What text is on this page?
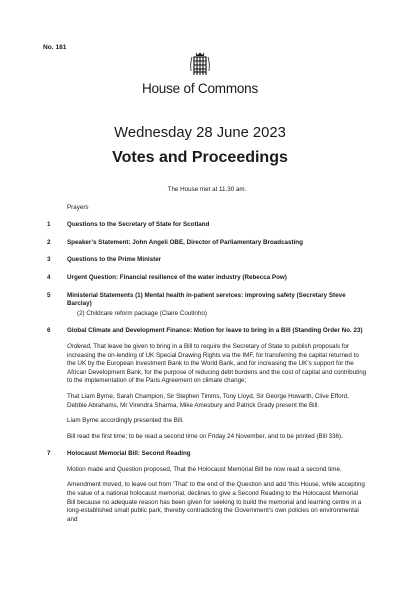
No. 181
House of Commons
Wednesday 28 June 2023
Votes and Proceedings
The House met at 11.30 am.
Prayers
1	Questions to the Secretary of State for Scotland
2	Speaker’s Statement: John Angeli OBE, Director of Parliamentary Broadcasting
3	Questions to the Prime Minister
4	Urgent Question: Financial resilience of the water industry (Rebecca Pow)
5	Ministerial Statements (1) Mental health in-patient services: improving safety (Secretary Steve Barclay)
(2) Childcare reform package (Claire Coutinho)
6	Global Climate and Development Finance: Motion for leave to bring in a Bill (Standing Order No. 23)
Ordered, That leave be given to bring in a Bill to require the Secretary of State to publish proposals for increasing the on-lending of UK Special Drawing Rights via the IMF, for transferring the capital returned to the UK by the European Investment Bank to the World Bank, and for increasing the UK’s support for the African Development Bank, for the purpose of reducing debt burdens and the cost of capital and contributing to the implementation of the Paris Agreement on climate change;
That Liam Byrne, Sarah Champion, Sir Stephen Timms, Tony Lloyd, Sir George Howarth, Clive Efford, Debbie Abrahams, Mr Virendra Sharma, Mike Amesbury and Patrick Grady present the Bill.
Liam Byrne accordingly presented the Bill.
Bill read the first time; to be read a second time on Friday 24 November, and to be printed (Bill 336).
7	Holocaust Memorial Bill: Second Reading
Motion made and Question proposed, That the Holocaust Memorial Bill be now read a second time.
Amendment moved, to leave out from ‘That’ to the end of the Question and add ‘this House, while accepting the value of a national holocaust memorial, declines to give a Second Reading to the Holocaust Memorial Bill because no adequate reason has been given for seeking to build the memorial and learning centre in a long-established small public park, thereby contradicting the Government’s own policies on environmental and
